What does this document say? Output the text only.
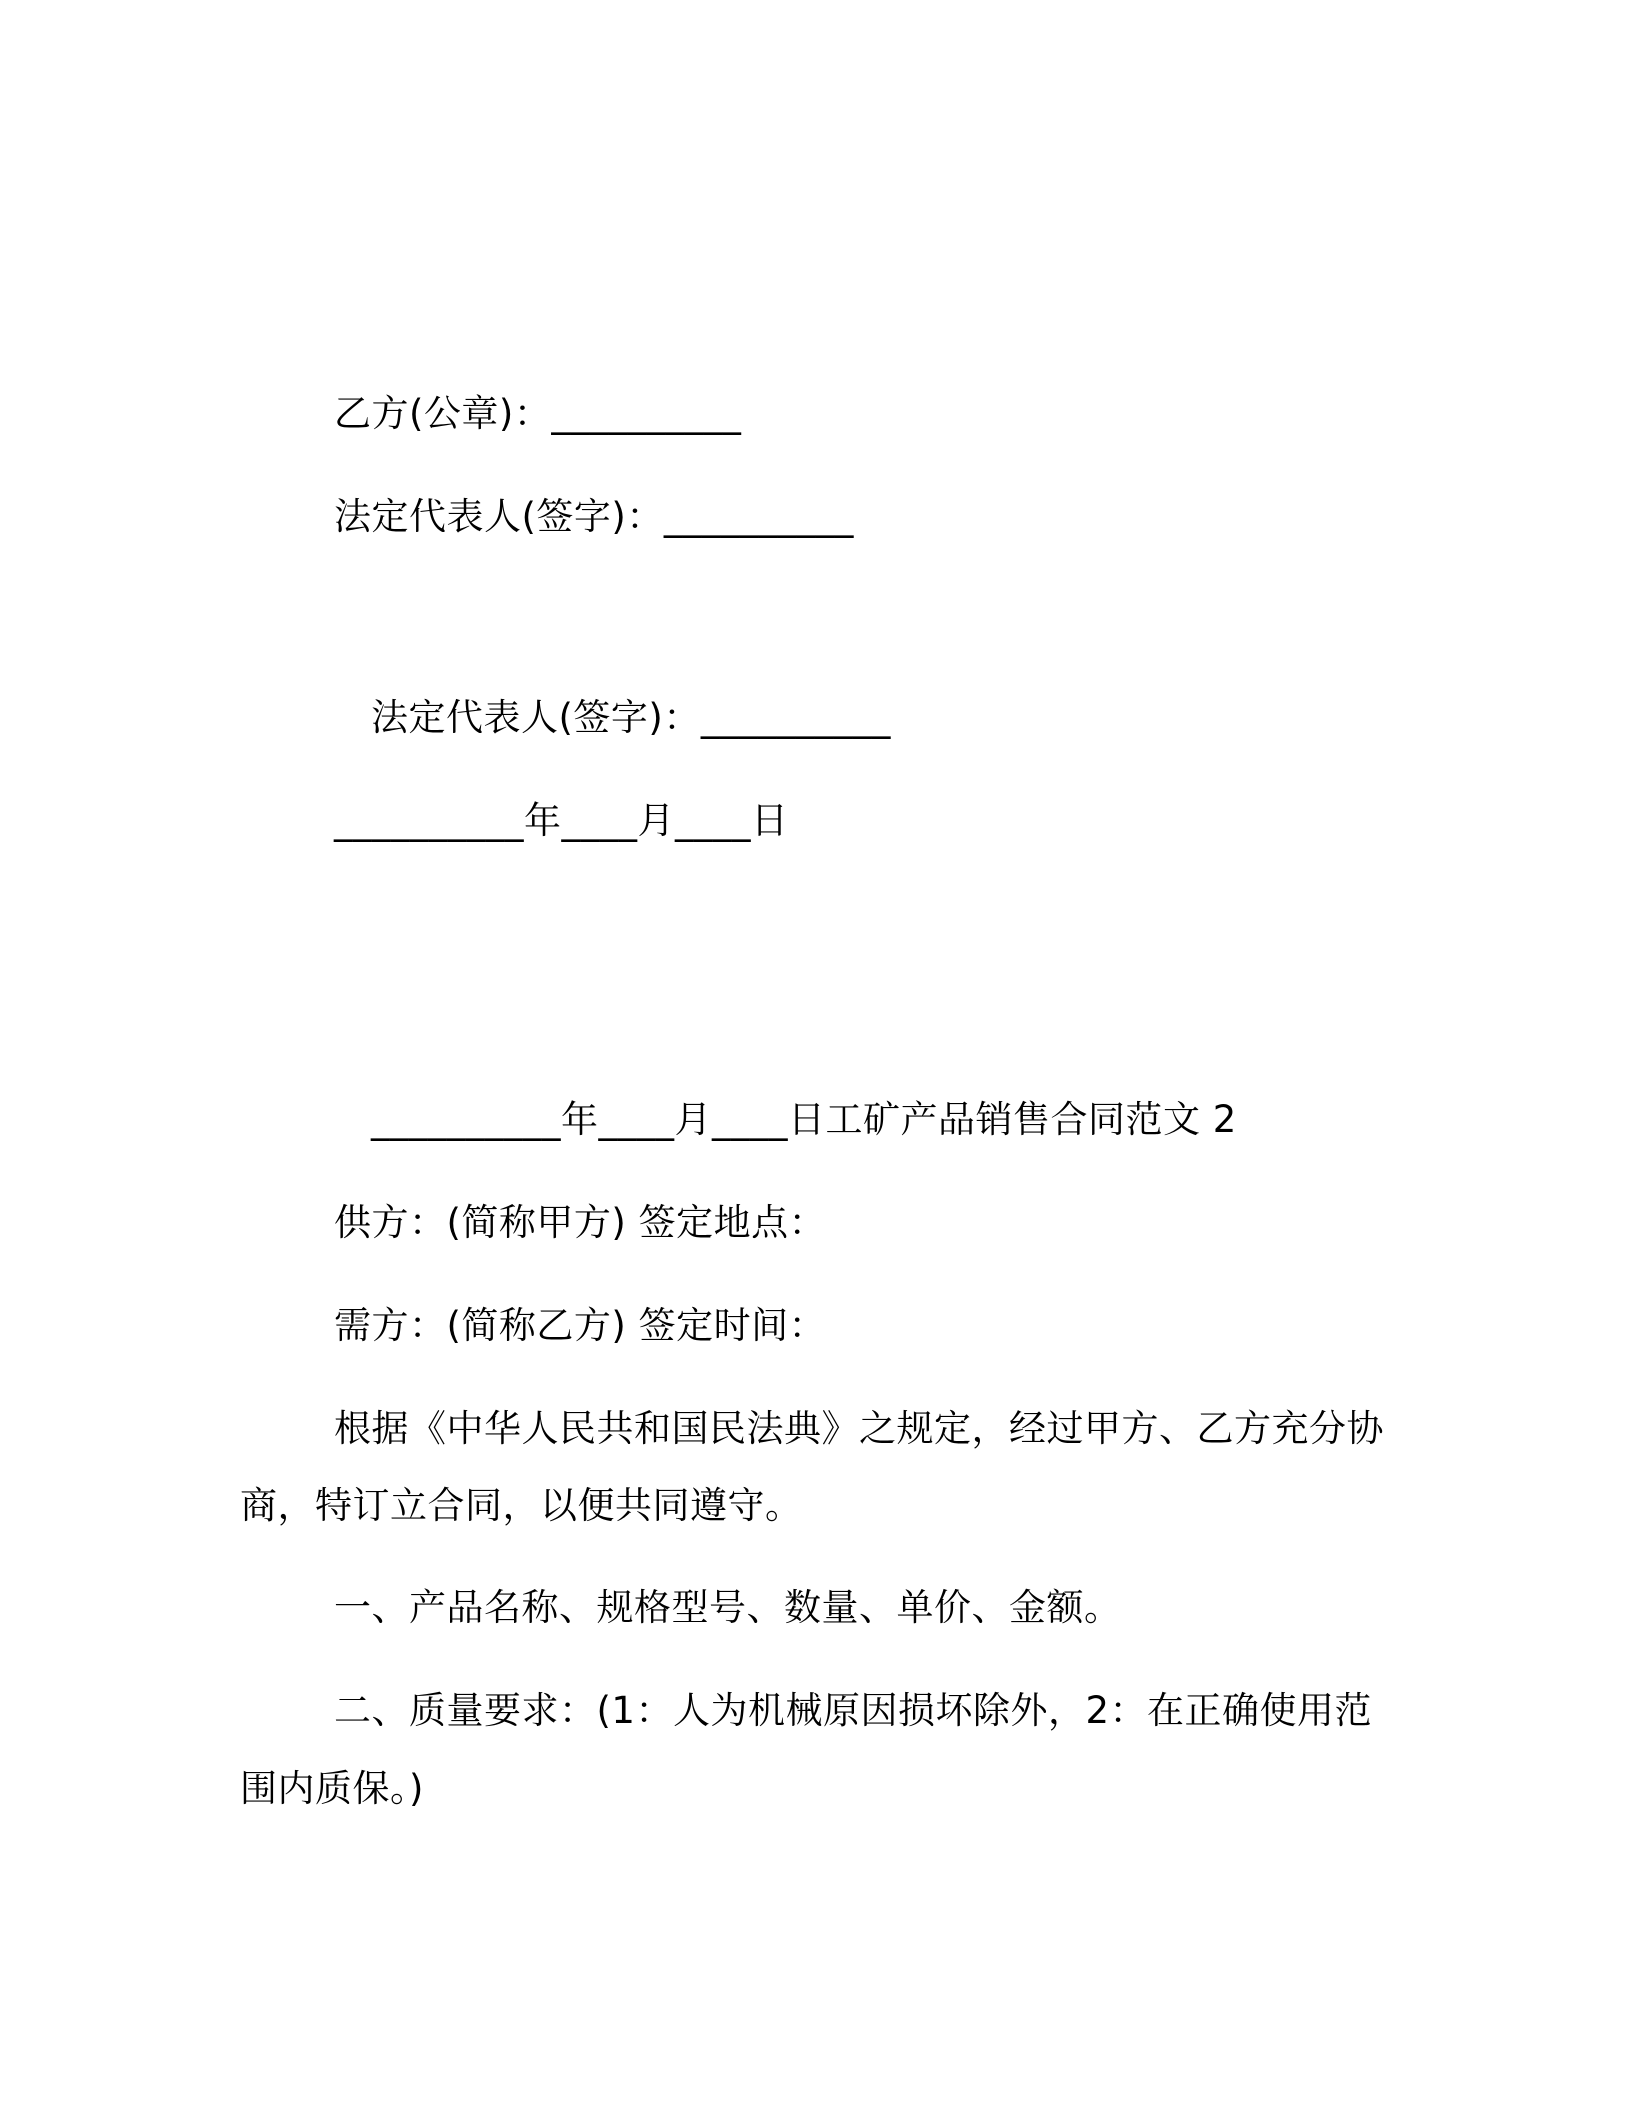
乙方(公章)：__________
法定代表人(签字)：__________
法定代表人(签字)：__________
__________年____月____日
__________年____月____日工矿产品销售合同范文 2
供方：(简称甲方) 签定地点：
需方：(简称乙方) 签定时间：
根据《中华人民共和国民法典》之规定，经过甲方、乙方充分协
商，特订立合同，以便共同遵守。
一、产品名称、规格型号、数量、单价、金额。
二、质量要求：(1：人为机械原因损坏除外，2：在正确使用范
围内质保。)
